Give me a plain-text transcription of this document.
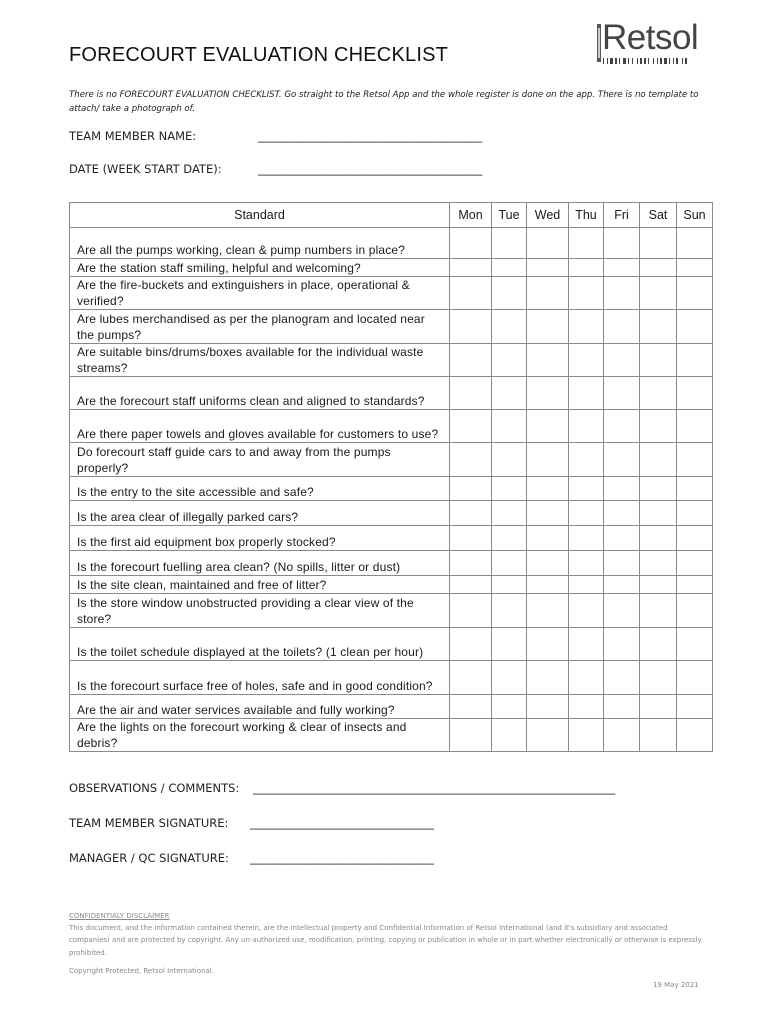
Retsol
FORECOURT EVALUATION CHECKLIST

There is no FORECOURT EVALUATION CHECKLIST. Go straight to the Retsol App and the whole register is done on the app. There is no template to attach/ take a photograph of.

TEAM MEMBER NAME:	_______________________________________
DATE (WEEK START DATE):	_______________________________________
Standard	Mon	Tue	Wed	Thu	Fri	Sat	Sun
Are all the pumps working, clean & pump numbers in place?							
Are the station staff smiling, helpful and welcoming?							
Are the fire-buckets and extinguishers in place, operational & verified?							
Are lubes merchandised as per the planogram and located near the pumps?							
Are suitable bins/drums/boxes available for the individual waste streams?							
Are the forecourt staff uniforms clean and aligned to standards?							
Are there paper towels and gloves available for customers to use?							
Do forecourt staff guide cars to and away from the pumps properly?							
Is the entry to the site accessible and safe?							
Is the area clear of illegally parked cars?							
Is the first aid equipment box properly stocked?							
Is the forecourt fuelling area clean? (No spills, litter or dust)							
Is the site clean, maintained and free of litter?							
Is the store window unobstructed providing a clear view of the store?							
Is the toilet schedule displayed at the toilets? (1 clean per hour)							
Is the forecourt surface free of holes, safe and in good condition?							
Are the air and water services available and fully working?							
Are the lights on the forecourt working & clear of insects and debris?							
OBSERVATIONS / COMMENTS: _______________________________________________________________
TEAM MEMBER SIGNATURE: ________________________________
MANAGER / QC SIGNATURE: ________________________________
CONFIDENTIALY DISCLAIMER
This document, and the information contained therein, are the intellectual property and Confidential Information of Retsol International (and it's subsidiary and associated companies) and are protected by copyright. Any un-authorized use, modification, printing, copying or publication in whole or in part whether electronically or otherwise is expressly prohibited.
Copyright Protected, Retsol International.
19 May 2021
